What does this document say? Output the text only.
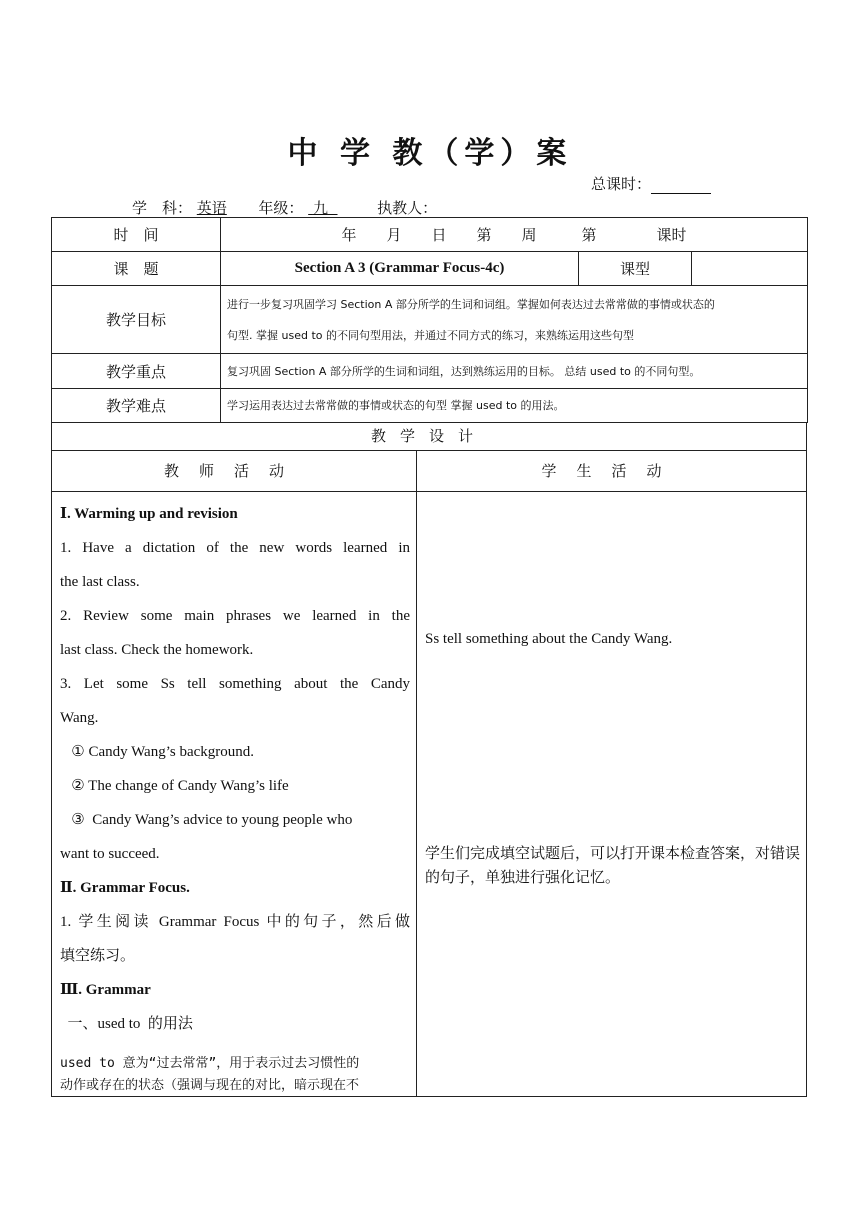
中 学 教（学）案
总课时：
学　科： 英语 年级： 九	执教人：
时　间	年　　月　　日　　第　　周　　　第　　　　课时		
课　题	Section A 3 (Grammar Focus-4c)	课型	
教学目标	进行一步复习巩固学习 Section A 部分所学的生词和词组。掌握如何表达过去常常做的事情或状态的
句型. 掌握 used to 的不同句型用法，并通过不同方式的练习，来熟练运用这些句型		

教学重点	复习巩固 Section A 部分所学的生词和词组，达到熟练运用的目标。 总结 used to 的不同句型。		
教学难点	学习运用表达过去常常做的事情或状态的句型 掌握 used to 的用法。		
教学设计
教师活动	学生活动
Ⅰ. Warming up and revision
1. Have a dictation of the new words learned in
the last class.
2. Review some main phrases we learned in the
last class. Check the homework.
3. Let some Ss tell something about the Candy
Wang.
① Candy Wang’s background.
② The change of Candy Wang’s life
③  Candy Wang’s advice to young people who
want to succeed.
Ⅱ. Grammar Focus.
1. 学生阅读 Grammar Focus 中的句子，然后做
填空练习。
Ⅲ. Grammar
一、used to  的用法
used to 意为“过去常常”，用于表示过去习惯性的
动作或存在的状态（强调与现在的对比，暗示现在不
Ss tell something about the Candy Wang.
学生们完成填空试题后，可以打开课本检查答案，对错误的句子，单独进行强化记忆。
